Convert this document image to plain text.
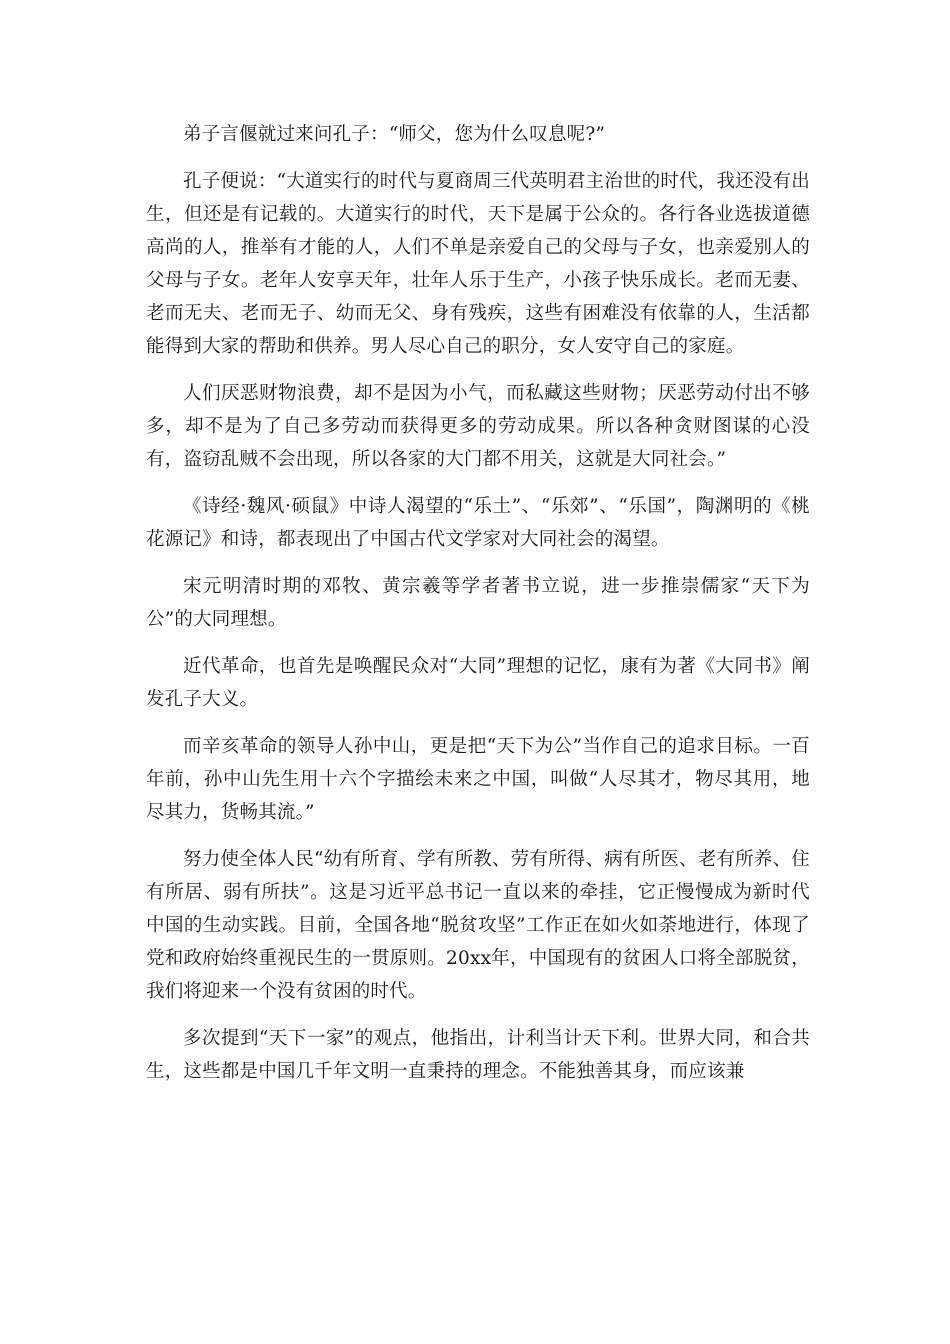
弟子言偃就过来问孔子：“师父，您为什么叹息呢?”

孔子便说：“大道实行的时代与夏商周三代英明君主治世的时代，我还没有出生，但还是有记载的。大道实行的时代，天下是属于公众的。各行各业选拔道德高尚的人，推举有才能的人，人们不单是亲爱自己的父母与子女，也亲爱别人的父母与子女。老年人安享天年，壮年人乐于生产，小孩子快乐成长。老而无妻、老而无夫、老而无子、幼而无父、身有残疾，这些有困难没有依靠的人，生活都能得到大家的帮助和供养。男人尽心自己的职分，女人安守自己的家庭。

人们厌恶财物浪费，却不是因为小气，而私藏这些财物；厌恶劳动付出不够多，却不是为了自己多劳动而获得更多的劳动成果。所以各种贪财图谋的心没有，盗窃乱贼不会出现，所以各家的大门都不用关，这就是大同社会。”

《诗经·魏风·硕鼠》中诗人渴望的“乐土”、“乐郊”、“乐国”，陶渊明的《桃花源记》和诗，都表现出了中国古代文学家对大同社会的渴望。

宋元明清时期的邓牧、黄宗羲等学者著书立说，进一步推崇儒家“天下为公”的大同理想。

近代革命，也首先是唤醒民众对“大同”理想的记忆，康有为著《大同书》阐发孔子大义。

而辛亥革命的领导人孙中山，更是把“天下为公”当作自己的追求目标。一百年前，孙中山先生用十六个字描绘未来之中国，叫做“人尽其才，物尽其用，地尽其力，货畅其流。”

努力使全体人民“幼有所育、学有所教、劳有所得、病有所医、老有所养、住有所居、弱有所扶”。这是习近平总书记一直以来的牵挂，它正慢慢成为新时代中国的生动实践。目前，全国各地“脱贫攻坚”工作正在如火如荼地进行，体现了党和政府始终重视民生的一贯原则。20xx年，中国现有的贫困人口将全部脱贫，我们将迎来一个没有贫困的时代。

多次提到“天下一家”的观点，他指出，计利当计天下利。世界大同，和合共生，这些都是中国几千年文明一直秉持的理念。不能独善其身，而应该兼
